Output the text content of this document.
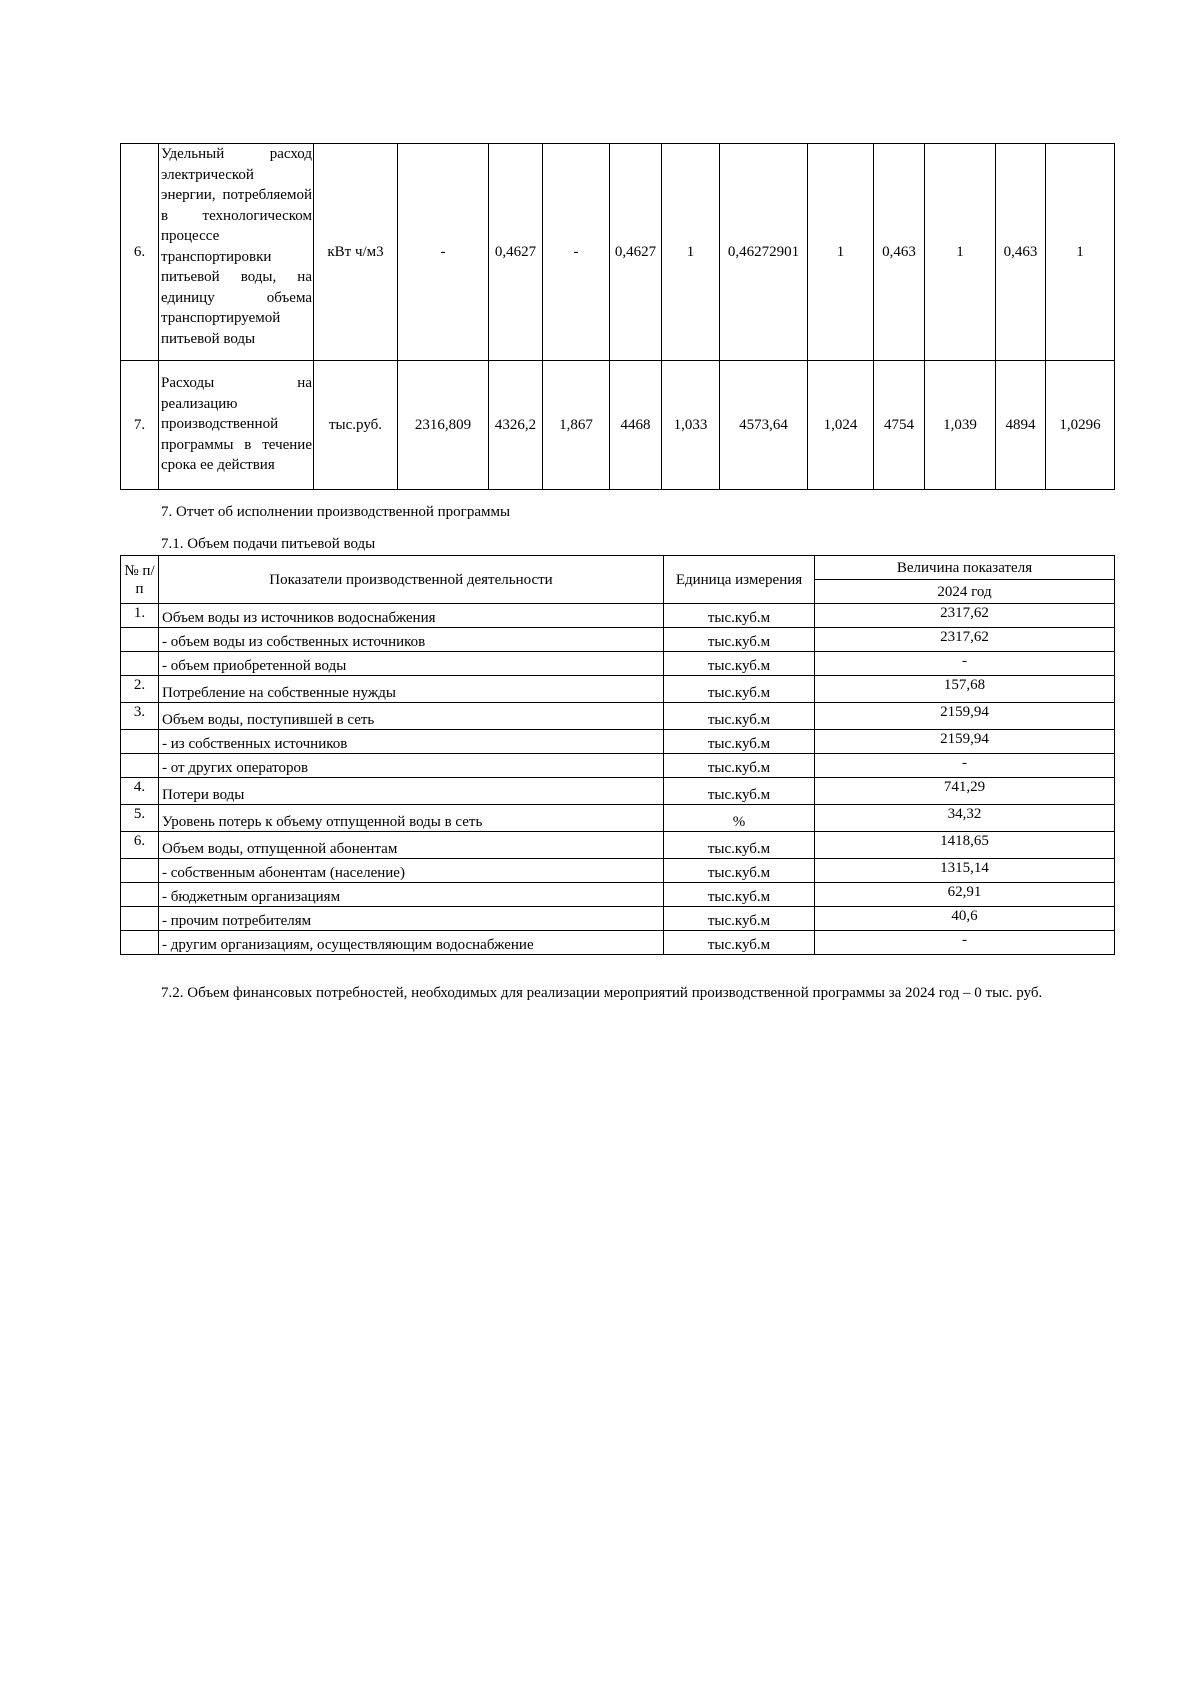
6.	Удельный расход электрической энергии, потребляемой в технологическом процессе транспортировки питьевой воды, на единицу объема транспортируемой питьевой воды	кВт ч/м3	-	0,4627	-	0,4627	1	0,46272901	1	0,463	1	0,463	1
7.	Расходы на реализацию производственной программы в течение срока ее действия	тыс.руб.	2316,809	4326,2	1,867	4468	1,033	4573,64	1,024	4754	1,039	4894	1,0296
7. Отчет об исполнении производственной программы
7.1. Объем подачи питьевой воды
№ п/п	Показатели производственной деятельности	Единица измерения	Величина показателя
			2024 год
1.	Объем воды из источников водоснабжения	тыс.куб.м	2317,62
	- объем воды из собственных источников	тыс.куб.м	2317,62
	- объем приобретенной воды	тыс.куб.м	-
2.	Потребление на собственные нужды	тыс.куб.м	157,68
3.	Объем воды, поступившей в сеть	тыс.куб.м	2159,94
	- из собственных источников	тыс.куб.м	2159,94
	- от других операторов	тыс.куб.м	-
4.	Потери воды	тыс.куб.м	741,29
5.	Уровень потерь к объему отпущенной воды в сеть	%	34,32
6.	Объем воды, отпущенной абонентам	тыс.куб.м	1418,65
	- собственным абонентам (население)	тыс.куб.м	1315,14
	- бюджетным организациям	тыс.куб.м	62,91
	- прочим потребителям	тыс.куб.м	40,6
	- другим организациям, осуществляющим водоснабжение	тыс.куб.м	-
7.2. Объем финансовых потребностей, необходимых для реализации мероприятий производственной программы за 2024 год – 0 тыс. руб.
